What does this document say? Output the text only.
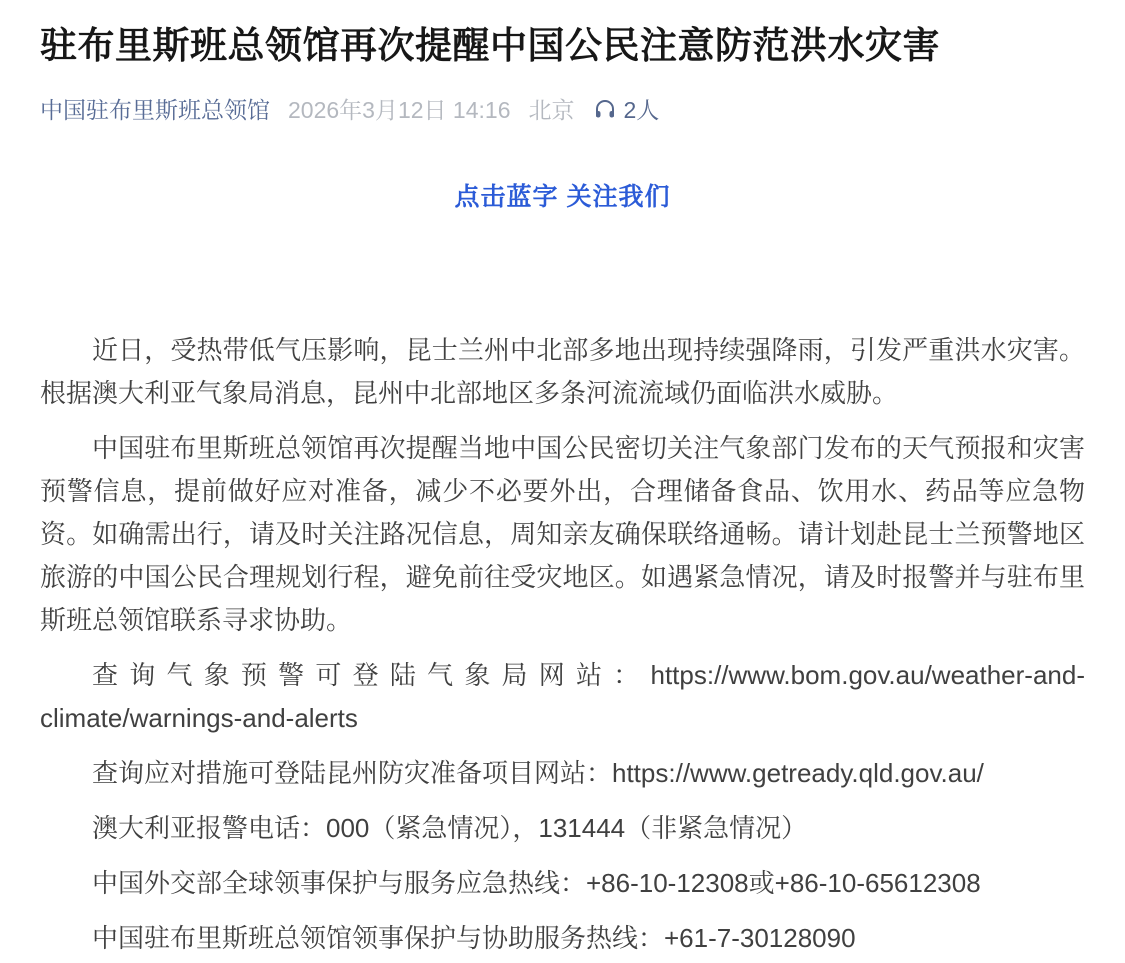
驻布里斯班总领馆再次提醒中国公民注意防范洪水灾害
中国驻布里斯班总领馆 2026年3月12日 14:16 北京 2人
点击蓝字 关注我们

近日，受热带低气压影响，昆士兰州中北部多地出现持续强降雨，引发严重洪水灾害。根据澳大利亚气象局消息，昆州中北部地区多条河流流域仍面临洪水威胁。

中国驻布里斯班总领馆再次提醒当地中国公民密切关注气象部门发布的天气预报和灾害预警信息，提前做好应对准备，减少不必要外出，合理储备食品、饮用水、药品等应急物资。如确需出行，请及时关注路况信息，周知亲友确保联络通畅。请计划赴昆士兰预警地区旅游的中国公民合理规划行程，避免前往受灾地区。如遇紧急情况，请及时报警并与驻布里斯班总领馆联系寻求协助。

查询气象预警可登陆气象局网站：https://www.bom.gov.au/weather-and-climate/warnings-and-alerts

查询应对措施可登陆昆州防灾准备项目网站：https://www.getready.qld.gov.au/

澳大利亚报警电话：000（紧急情况），131444（非紧急情况）

中国外交部全球领事保护与服务应急热线：+86-10-12308或+86-10-65612308

中国驻布里斯班总领馆领事保护与协助服务热线：+61-7-30128090
